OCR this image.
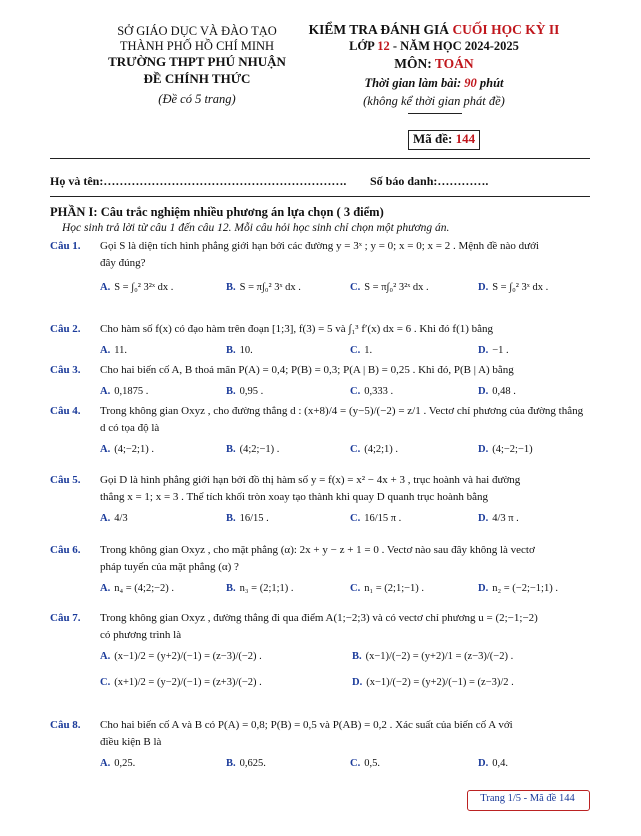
SỞ GIÁO DỤC VÀ ĐÀO TẠO
THÀNH PHỐ HỒ CHÍ MINH
TRƯỜNG THPT PHÚ NHUẬN
ĐỀ CHÍNH THỨC
(Đề có 5 trang)
KIỂM TRA ĐÁNH GIÁ CUỐI HỌC KỲ II
LỚP 12 - NĂM HỌC 2024-2025
MÔN: TOÁN
Thời gian làm bài: 90 phút
(không kể thời gian phát đề)
Mã đề: 144
Họ và tên:……………………………………………………. Số báo danh:………….
PHẦN I: Câu trắc nghiệm nhiều phương án lựa chọn ( 3 điểm)
Học sinh trả lời từ câu 1 đến câu 12. Mỗi câu hỏi học sinh chỉ chọn một phương án.
Câu 1. Gọi S là diện tích hình phẳng giới hạn bởi các đường y = 3ˣ ; y = 0; x = 0; x = 2 . Mệnh đề nào dưới
đây đúng?
A. S = ∫₀² 3²ˣ dx .	B. S = π∫₀² 3ˣ dx .	C. S = π∫₀² 3²ˣ dx .	D. S = ∫₀² 3ˣ dx .
Câu 2. Cho hàm số f(x) có đạo hàm trên đoạn [1;3], f(3) = 5 và ∫₁³ f′(x) dx = 6 . Khi đó f(1) bằng
A. 11.	B. 10.	C. 1.	D. −1 .
Câu 3. Cho hai biến cố A, B thoả mãn P(A) = 0,4; P(B) = 0,3; P(A | B) = 0,25 . Khi đó, P(B | A) bằng
A. 0,1875 .	B. 0,95 .	C. 0,333 .	D. 0,48 .
Câu 4. Trong không gian Oxyz , cho đường thẳng d : (x+8)/4 = (y−5)/(−2) = z/1 . Vectơ chỉ phương của đường thẳng
d có tọa độ là
A. (4;−2;1) .	B. (4;2;−1) .	C. (4;2;1) .	D. (4;−2;−1)
Câu 5. Gọi D là hình phẳng giới hạn bởi đồ thị hàm số y = f(x) = x² − 4x + 3 , trục hoành và hai đường
thẳng x = 1; x = 3 . Thể tích khối tròn xoay tạo thành khi quay D quanh trục hoành bằng
A. 4/3	B. 16/15 .	C. 16/15 π .	D. 4/3 π .
Câu 6. Trong không gian Oxyz , cho mặt phẳng (α): 2x + y − z + 1 = 0 . Vectơ nào sau đây không là vectơ
pháp tuyến của mặt phẳng (α) ?
A. n₄ = (4;2;−2) .	B. n₃ = (2;1;1) .	C. n₁ = (2;1;−1) .	D. n₂ = (−2;−1;1) .
Câu 7. Trong không gian Oxyz , đường thẳng đi qua điểm A(1;−2;3) và có vectơ chỉ phương u = (2;−1;−2)
có phương trình là
A. (x−1)/2 = (y+2)/(−1) = (z−3)/(−2) .	B. (x−1)/(−2) = (y+2)/1 = (z−3)/(−2) .
C. (x+1)/2 = (y−2)/(−1) = (z+3)/(−2) .	D. (x−1)/(−2) = (y+2)/(−1) = (z−3)/2 .
Câu 8. Cho hai biến cố A và B có P(A) = 0,8; P(B) = 0,5 và P(AB) = 0,2 . Xác suất của biến cố A với
điều kiện B là
A. 0,25.	B. 0,625.	C. 0,5.	D. 0,4.
Trang 1/5 - Mã đề 144
